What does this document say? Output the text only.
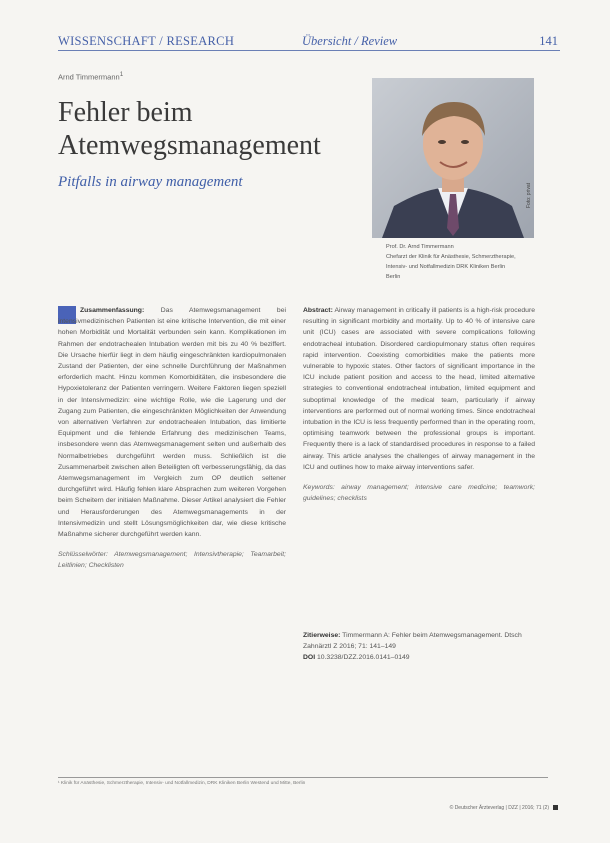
WISSENSCHAFT / RESEARCH	Übersicht / Review	141
Arnd Timmermann$^1$
Fehler beim Atemwegsmanagement
Pitfalls in airway management
Foto: privat
Prof. Dr. Arnd Timmermann
Chefarzt der Klinik für Anästhesie, Schmerztherapie,
Intensiv- und Notfallmedizin DRK Kliniken Berlin
Berlin
Zusammenfassung: Das Atemwegsmanagement bei intensivmedizinischen Patienten ist eine kritische Intervention, die mit einer hohen Morbidität und Mortalität verbunden sein kann. Komplikationen im Rahmen der endotrachealen Intubation werden mit bis zu 40 % beziffert. Die Ursache hierfür liegt in dem häufig eingeschränkten kardiopulmonalen Zustand der Patienten, der eine schnelle Durchführung der Maßnahmen erforderlich macht. Hinzu kommen Komorbiditäten, die insbesondere die Hypoxietoleranz der Patienten verringern. Weitere Faktoren liegen speziell in der Intensivmedizin: eine wichtige Rolle, wie die Lagerung und der Zugang zum Patienten, die eingeschränkten Möglichkeiten der Anwendung von alternativen Verfahren zur endotrachealen Intubation, das limitierte Equipment und die fehlende Erfahrung des medizinischen Teams, insbesondere wenn das Atemwegsmanagement selten und außerhalb des Normalbetriebes durchgeführt werden muss. Schließlich ist die Zusammenarbeit zwischen allen Beteiligten oft verbesserungsfähig, da das Atemwegsmanagement im Vergleich zum OP deutlich seltener durchgeführt wird. Häufig fehlen klare Absprachen zum weiteren Vorgehen beim Scheitern der initialen Maßnahme. Dieser Artikel analysiert die Fehler und Herausforderungen des Atemwegsmanagements in der Intensivmedizin und stellt Lösungsmöglichkeiten dar, wie diese kritische Maßnahme sicherer durchgeführt werden kann.
Schlüsselwörter: Atemwegsmanagement; Intensivtherapie; Teamarbeit; Leitlinien; Checklisten
Abstract: Airway management in critically ill patients is a high-risk procedure resulting in significant morbidity and mortality. Up to 40 % of intensive care unit (ICU) cases are associated with severe complications following endotracheal intubation. Disordered cardiopulmonary status often requires rapid intervention. Coexisting comorbidities make the patients more vulnerable to hypoxic states. Other factors of significant importance in the ICU include patient position and access to the head, limited alternative strategies to conventional endotracheal intubation, limited equipment and suboptimal knowledge of the medical team, particularly if airway interventions are performed out of normal working times. Since endotracheal intubation in the ICU is less frequently performed than in the operating room, optimising teamwork between the professional groups is important. Frequently there is a lack of standardised procedures in response to a failed airway. This article analyses the challenges of airway management in the ICU and outlines how to make airway interventions safer.
Keywords: airway management; intensive care medicine; teamwork; guidelines; checklists
Zitierweise: Timmermann A: Fehler beim Atemwegsmanagement. Dtsch Zahnärztl Z 2016; 71: 141–149
DOI 10.3238/DZZ.2016.0141–0149
¹ Klinik für Anästhesie, Schmerztherapie, Intensiv- und Notfallmedizin, DRK Kliniken Berlin Westend und Mitte, Berlin
© Deutscher Ärzteverlag | DZZ | 2016; 71 (2)
